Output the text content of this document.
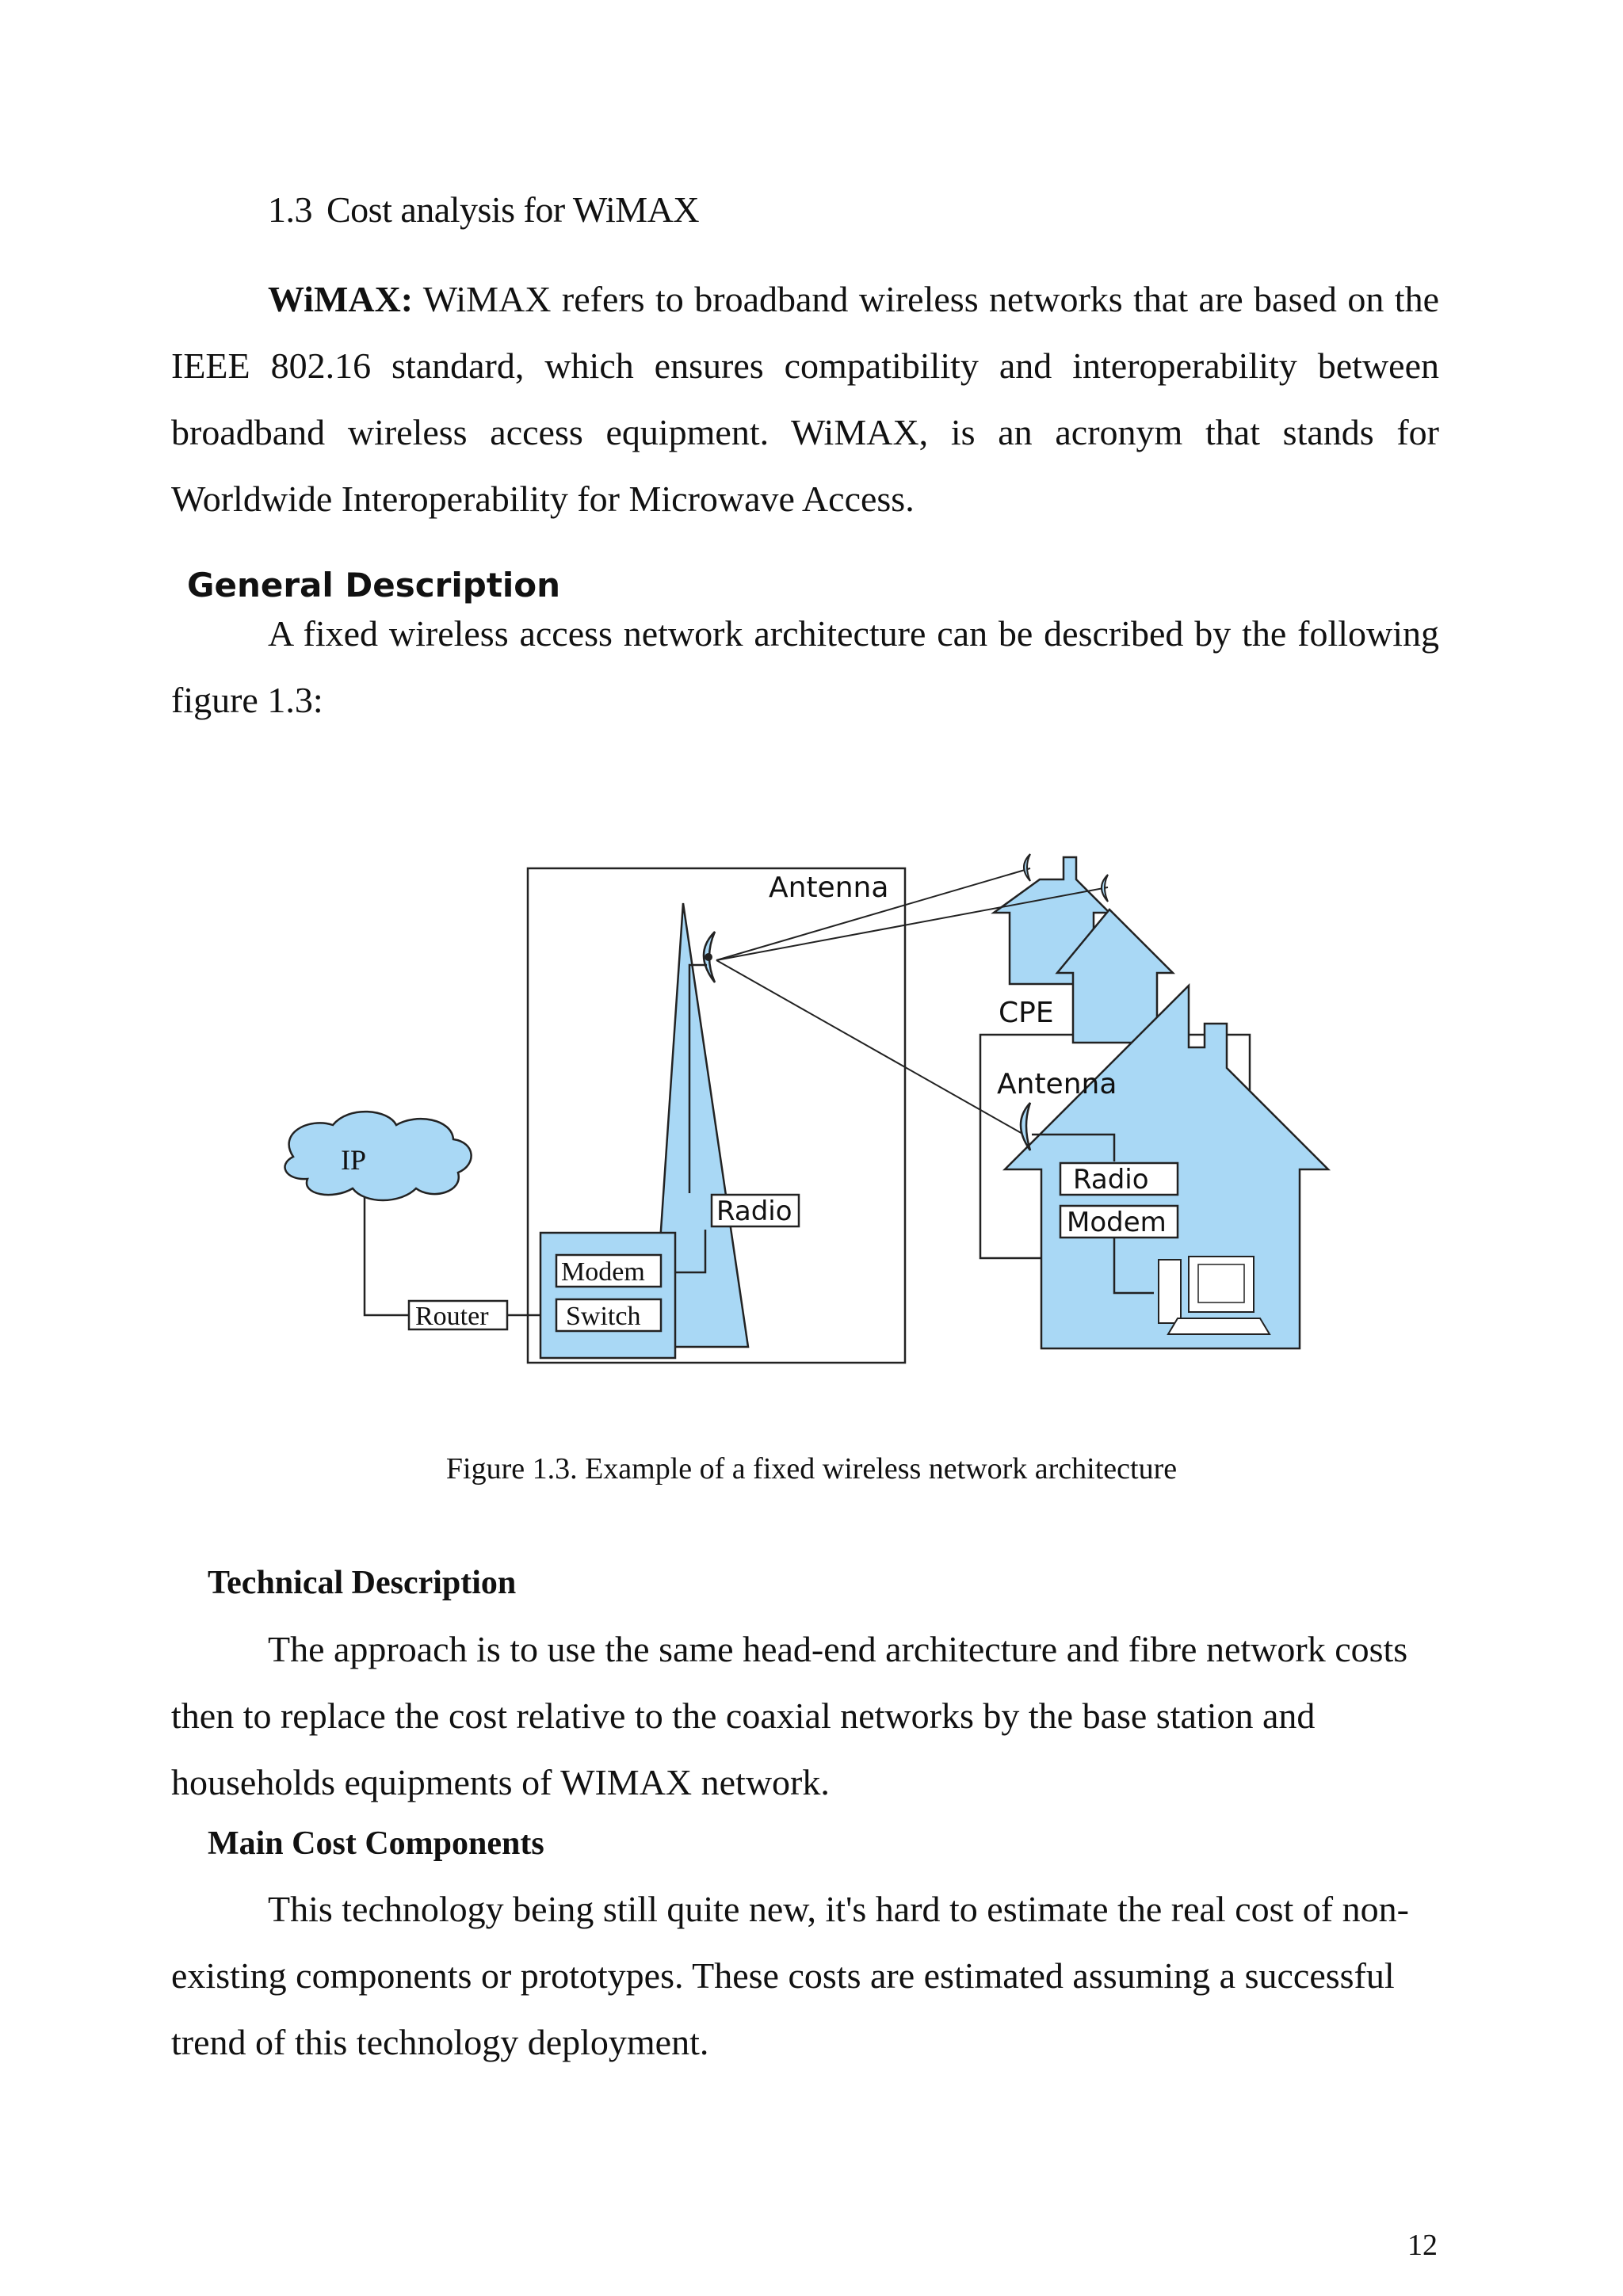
1.3 Cost analysis for WiMAX

WiMAX: WiMAX refers to broadband wireless networks that are based on the IEEE 802.16 standard, which ensures compatibility and interoperability between broadband wireless access equipment. WiMAX, is an acronym that stands for Worldwide Interoperability for Microwave Access.

General Description

A fixed wireless access network architecture can be described by the following figure 1.3:

Antenna
CPE
Antenna
Radio
Modem
Radio
Modem
Switch
Router
IP
Figure 1.3. Example of a fixed wireless network architecture
Technical Description

The approach is to use the same head-end architecture and fibre network costs then to replace the cost relative to the coaxial networks by the base station and households equipments of WIMAX network.

Main Cost Components

This technology being still quite new, it's hard to estimate the real cost of non-existing components or prototypes. These costs are estimated assuming a successful trend of this technology deployment.

12
